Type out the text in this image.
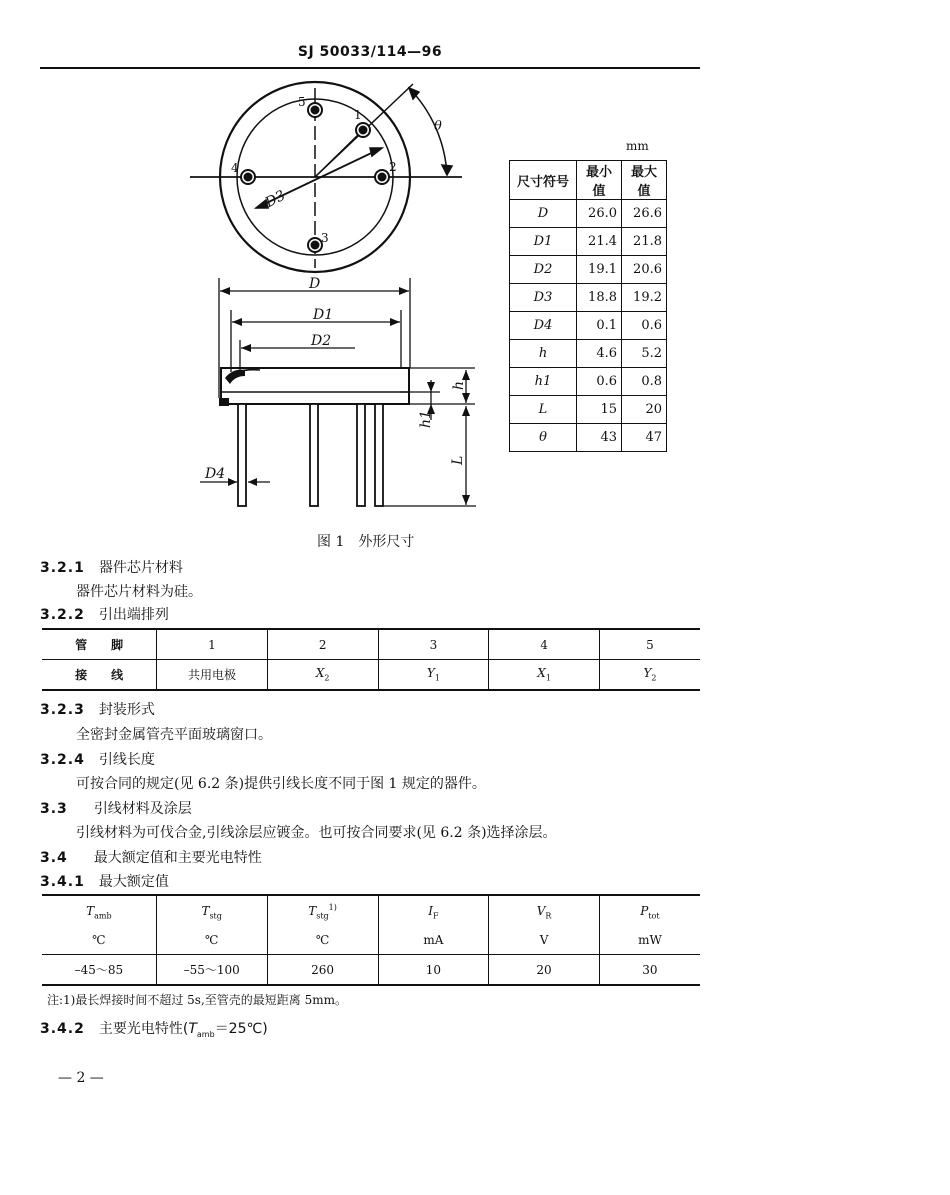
SJ 50033/114—96
1
2
3
4
5
θ
D3
D
D1
D2
D4
h
h1
L
mm
尺寸符号	最小值	最大值
D	26.0	26.6
D1	21.4	21.8
D2	19.1	20.6
D3	18.8	19.2
D4	0.1	0.6
h	4.6	5.2
h1	0.6	0.8
L	15	20
θ	43	47
图 1　外形尺寸
3.2.1 器件芯片材料
器件芯片材料为硅。
3.2.2 引出端排列
管　　脚	1	2	3	4	5
接　　线	共用电极	$X_2$	$Y_1$	$X_1$	$Y_2$
3.2.3 封装形式
全密封金属管壳平面玻璃窗口。
3.2.4 引线长度
可按合同的规定(见 6.2 条)提供引线长度不同于图 1 规定的器件。
3.3 引线材料及涂层
引线材料为可伐合金,引线涂层应镀金。也可按合同要求(见 6.2 条)选择涂层。
3.4 最大额定值和主要光电特性
3.4.1 最大额定值
$T_{amb}$	$T_{stg}$	$T_{stg}^{1)}$	$I_F$	$V_R$	$P_{tot}$
℃	℃	℃	mA	V	mW
–45～85	–55～100	260	10	20	30
注:1)最长焊接时间不超过 5s,至管壳的最短距离 5mm。
3.4.2 主要光电特性$(T_{amb}=25℃)$
— 2 —
